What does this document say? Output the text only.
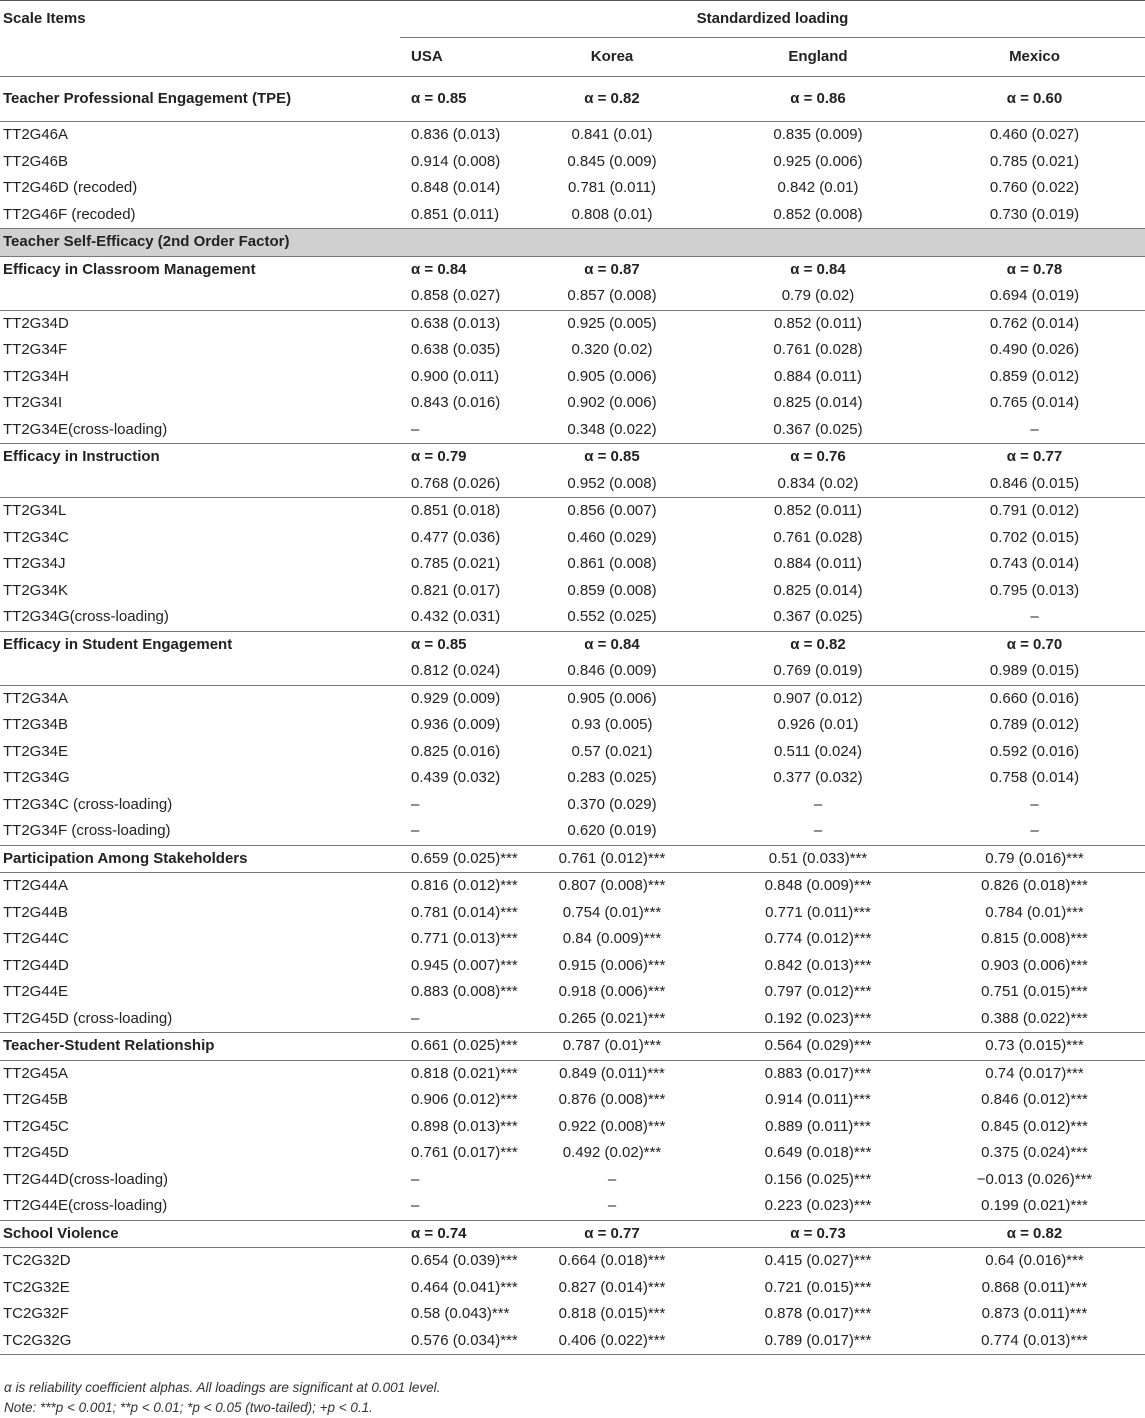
Scale Items	Standardized loading			
	USA	Korea	England	Mexico
Teacher Professional Engagement (TPE)	α = 0.85	α = 0.82	α = 0.86	α = 0.60
TT2G46A	0.836 (0.013)	0.841 (0.01)	0.835 (0.009)	0.460 (0.027)
TT2G46B	0.914 (0.008)	0.845 (0.009)	0.925 (0.006)	0.785 (0.021)
TT2G46D (recoded)	0.848 (0.014)	0.781 (0.011)	0.842 (0.01)	0.760 (0.022)
TT2G46F (recoded)	0.851 (0.011)	0.808 (0.01)	0.852 (0.008)	0.730 (0.019)
Teacher Self-Efficacy (2nd Order Factor)				
Efficacy in Classroom Management	α = 0.84	α = 0.87	α = 0.84	α = 0.78
	0.858 (0.027)	0.857 (0.008)	0.79 (0.02)	0.694 (0.019)
TT2G34D	0.638 (0.013)	0.925 (0.005)	0.852 (0.011)	0.762 (0.014)
TT2G34F	0.638 (0.035)	0.320 (0.02)	0.761 (0.028)	0.490 (0.026)
TT2G34H	0.900 (0.011)	0.905 (0.006)	0.884 (0.011)	0.859 (0.012)
TT2G34I	0.843 (0.016)	0.902 (0.006)	0.825 (0.014)	0.765 (0.014)
TT2G34E(cross-loading)	–	0.348 (0.022)	0.367 (0.025)	–
Efficacy in Instruction	α = 0.79	α = 0.85	α = 0.76	α = 0.77
	0.768 (0.026)	0.952 (0.008)	0.834 (0.02)	0.846 (0.015)
TT2G34L	0.851 (0.018)	0.856 (0.007)	0.852 (0.011)	0.791 (0.012)
TT2G34C	0.477 (0.036)	0.460 (0.029)	0.761 (0.028)	0.702 (0.015)
TT2G34J	0.785 (0.021)	0.861 (0.008)	0.884 (0.011)	0.743 (0.014)
TT2G34K	0.821 (0.017)	0.859 (0.008)	0.825 (0.014)	0.795 (0.013)
TT2G34G(cross-loading)	0.432 (0.031)	0.552 (0.025)	0.367 (0.025)	–
Efficacy in Student Engagement	α = 0.85	α = 0.84	α = 0.82	α = 0.70
	0.812 (0.024)	0.846 (0.009)	0.769 (0.019)	0.989 (0.015)
TT2G34A	0.929 (0.009)	0.905 (0.006)	0.907 (0.012)	0.660 (0.016)
TT2G34B	0.936 (0.009)	0.93 (0.005)	0.926 (0.01)	0.789 (0.012)
TT2G34E	0.825 (0.016)	0.57 (0.021)	0.511 (0.024)	0.592 (0.016)
TT2G34G	0.439 (0.032)	0.283 (0.025)	0.377 (0.032)	0.758 (0.014)
TT2G34C (cross-loading)	–	0.370 (0.029)	–	–
TT2G34F (cross-loading)	–	0.620 (0.019)	–	–
Participation Among Stakeholders	0.659 (0.025)***	0.761 (0.012)***	0.51 (0.033)***	0.79 (0.016)***
TT2G44A	0.816 (0.012)***	0.807 (0.008)***	0.848 (0.009)***	0.826 (0.018)***
TT2G44B	0.781 (0.014)***	0.754 (0.01)***	0.771 (0.011)***	0.784 (0.01)***
TT2G44C	0.771 (0.013)***	0.84 (0.009)***	0.774 (0.012)***	0.815 (0.008)***
TT2G44D	0.945 (0.007)***	0.915 (0.006)***	0.842 (0.013)***	0.903 (0.006)***
TT2G44E	0.883 (0.008)***	0.918 (0.006)***	0.797 (0.012)***	0.751 (0.015)***
TT2G45D (cross-loading)	–	0.265 (0.021)***	0.192 (0.023)***	0.388 (0.022)***
Teacher-Student Relationship	0.661 (0.025)***	0.787 (0.01)***	0.564 (0.029)***	0.73 (0.015)***
TT2G45A	0.818 (0.021)***	0.849 (0.011)***	0.883 (0.017)***	0.74 (0.017)***
TT2G45B	0.906 (0.012)***	0.876 (0.008)***	0.914 (0.011)***	0.846 (0.012)***
TT2G45C	0.898 (0.013)***	0.922 (0.008)***	0.889 (0.011)***	0.845 (0.012)***
TT2G45D	0.761 (0.017)***	0.492 (0.02)***	0.649 (0.018)***	0.375 (0.024)***
TT2G44D(cross-loading)	–	–	0.156 (0.025)***	−0.013 (0.026)***
TT2G44E(cross-loading)	–	–	0.223 (0.023)***	0.199 (0.021)***
School Violence	α = 0.74	α = 0.77	α = 0.73	α = 0.82
TC2G32D	0.654 (0.039)***	0.664 (0.018)***	0.415 (0.027)***	0.64 (0.016)***
TC2G32E	0.464 (0.041)***	0.827 (0.014)***	0.721 (0.015)***	0.868 (0.011)***
TC2G32F	0.58 (0.043)***	0.818 (0.015)***	0.878 (0.017)***	0.873 (0.011)***
TC2G32G	0.576 (0.034)***	0.406 (0.022)***	0.789 (0.017)***	0.774 (0.013)***
α is reliability coefficient alphas. All loadings are significant at 0.001 level.
Note: ***p < 0.001; **p < 0.01; *p < 0.05 (two-tailed); +p < 0.1.
